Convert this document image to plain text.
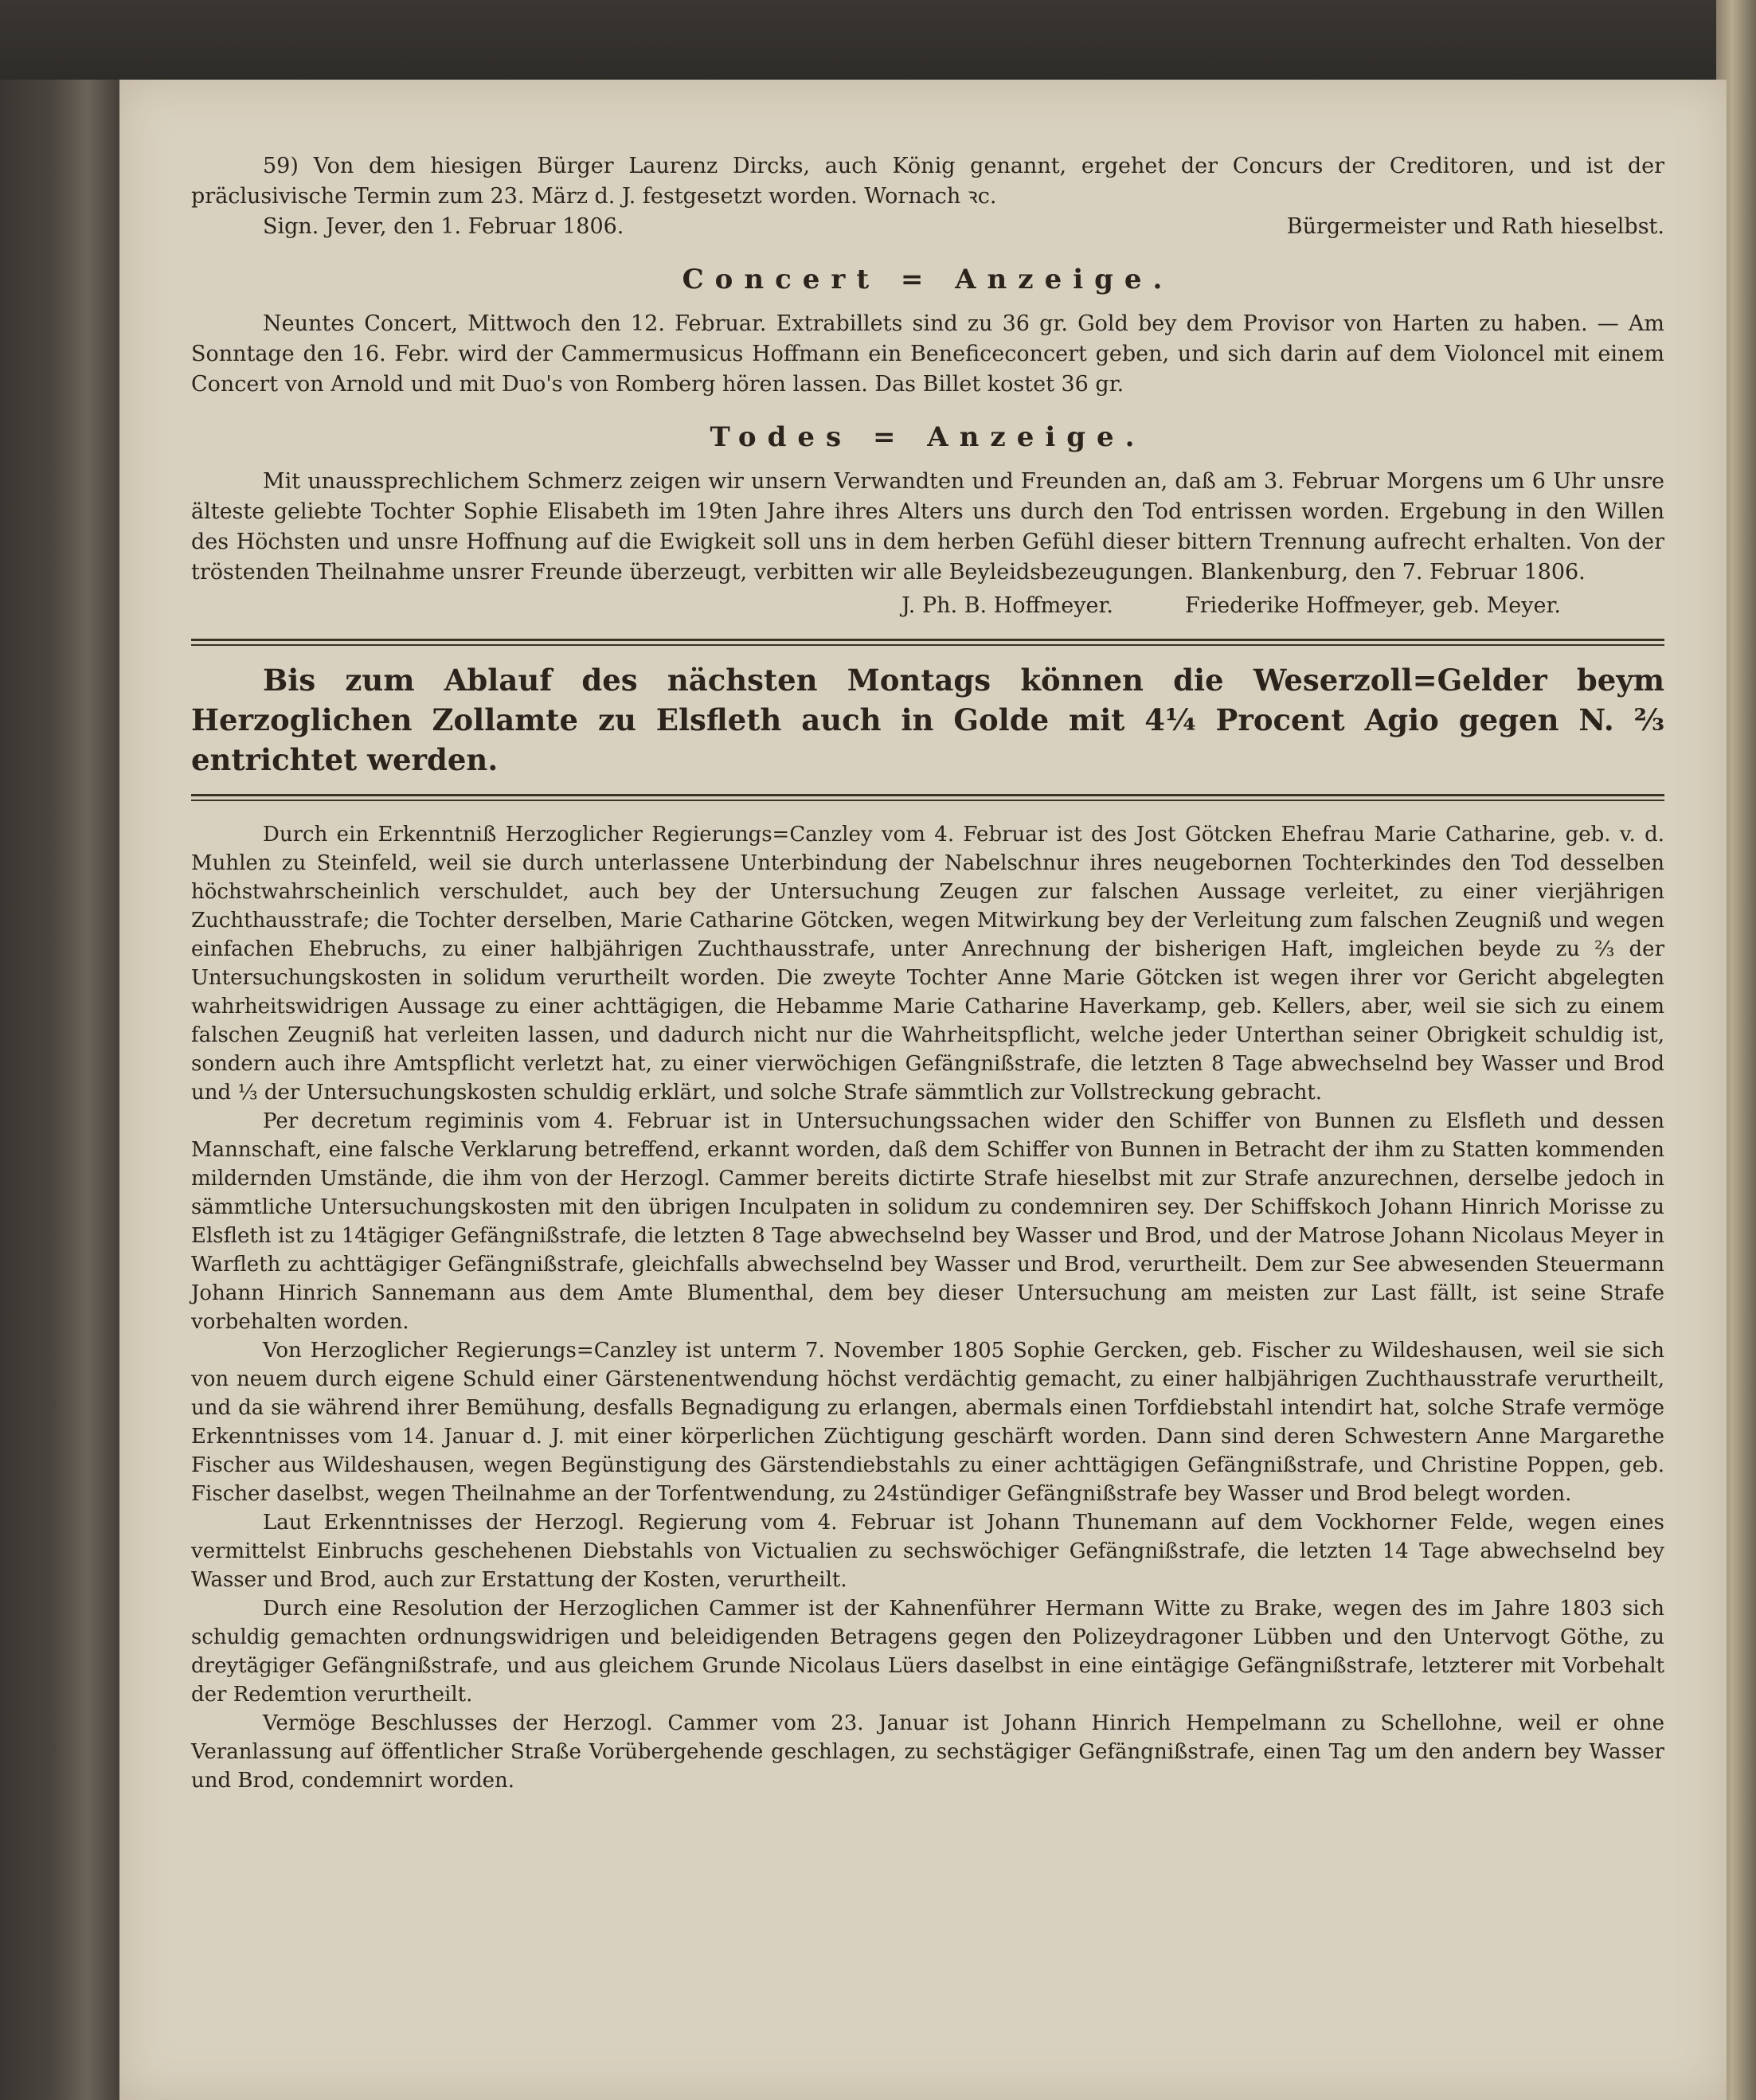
59) Von dem hiesigen Bürger Laurenz Dircks, auch König genannt, ergehet der Concurs der Creditoren, und ist der präclusivische Termin zum 23. März d. J. festgesetzt worden. Wornach ꝛc.

Sign. Jever, den 1. Februar 1806.	Bürgermeister und Rath hieselbst.
Concert = Anzeige.

Neuntes Concert, Mittwoch den 12. Februar. Extrabillets sind zu 36 gr. Gold bey dem Provisor von Harten zu haben. — Am Sonntage den 16. Febr. wird der Cammermusicus Hoffmann ein Beneficeconcert geben, und sich darin auf dem Violoncel mit einem Concert von Arnold und mit Duo's von Romberg hören lassen. Das Billet kostet 36 gr.

Todes = Anzeige.

Mit unaussprechlichem Schmerz zeigen wir unsern Verwandten und Freunden an, daß am 3. Februar Morgens um 6 Uhr unsre älteste geliebte Tochter Sophie Elisabeth im 19ten Jahre ihres Alters uns durch den Tod entrissen worden. Ergebung in den Willen des Höchsten und unsre Hoffnung auf die Ewigkeit soll uns in dem herben Gefühl dieser bittern Trennung aufrecht erhalten. Von der tröstenden Theilnahme unsrer Freunde überzeugt, verbitten wir alle Beyleidsbezeugungen. Blankenburg, den 7. Februar 1806.

J. Ph. B. Hoffmeyer.	Friederike Hoffmeyer, geb. Meyer.

Bis zum Ablauf des nächsten Montags können die Weserzoll=Gelder beym Herzoglichen Zollamte zu Elsfleth auch in Golde mit 4¼ Procent Agio gegen N. ⅔ entrichtet werden.

Durch ein Erkenntniß Herzoglicher Regierungs=Canzley vom 4. Februar ist des Jost Götcken Ehefrau Marie Catharine, geb. v. d. Muhlen zu Steinfeld, weil sie durch unterlassene Unterbindung der Nabelschnur ihres neugebornen Tochterkindes den Tod desselben höchstwahrscheinlich verschuldet, auch bey der Untersuchung Zeugen zur falschen Aussage verleitet, zu einer vierjährigen Zuchthausstrafe; die Tochter derselben, Marie Catharine Götcken, wegen Mitwirkung bey der Verleitung zum falschen Zeugniß und wegen einfachen Ehebruchs, zu einer halbjährigen Zuchthausstrafe, unter Anrechnung der bisherigen Haft, imgleichen beyde zu ⅔ der Untersuchungskosten in solidum verurtheilt worden. Die zweyte Tochter Anne Marie Götcken ist wegen ihrer vor Gericht abgelegten wahrheitswidrigen Aussage zu einer achttägigen, die Hebamme Marie Catharine Haverkamp, geb. Kellers, aber, weil sie sich zu einem falschen Zeugniß hat verleiten lassen, und dadurch nicht nur die Wahrheitspflicht, welche jeder Unterthan seiner Obrigkeit schuldig ist, sondern auch ihre Amtspflicht verletzt hat, zu einer vierwöchigen Gefängnißstrafe, die letzten 8 Tage abwechselnd bey Wasser und Brod und ⅓ der Untersuchungskosten schuldig erklärt, und solche Strafe sämmtlich zur Vollstreckung gebracht.

Per decretum regiminis vom 4. Februar ist in Untersuchungssachen wider den Schiffer von Bunnen zu Elsfleth und dessen Mannschaft, eine falsche Verklarung betreffend, erkannt worden, daß dem Schiffer von Bunnen in Betracht der ihm zu Statten kommenden mildernden Umstände, die ihm von der Herzogl. Cammer bereits dictirte Strafe hieselbst mit zur Strafe anzurechnen, derselbe jedoch in sämmtliche Untersuchungskosten mit den übrigen Inculpaten in solidum zu condemniren sey. Der Schiffskoch Johann Hinrich Morisse zu Elsfleth ist zu 14tägiger Gefängnißstrafe, die letzten 8 Tage abwechselnd bey Wasser und Brod, und der Matrose Johann Nicolaus Meyer in Warfleth zu achttägiger Gefängnißstrafe, gleichfalls abwechselnd bey Wasser und Brod, verurtheilt. Dem zur See abwesenden Steuermann Johann Hinrich Sannemann aus dem Amte Blumenthal, dem bey dieser Untersuchung am meisten zur Last fällt, ist seine Strafe vorbehalten worden.

Von Herzoglicher Regierungs=Canzley ist unterm 7. November 1805 Sophie Gercken, geb. Fischer zu Wildeshausen, weil sie sich von neuem durch eigene Schuld einer Gärstenentwendung höchst verdächtig gemacht, zu einer halbjährigen Zuchthausstrafe verurtheilt, und da sie während ihrer Bemühung, desfalls Begnadigung zu erlangen, abermals einen Torfdiebstahl intendirt hat, solche Strafe vermöge Erkenntnisses vom 14. Januar d. J. mit einer körperlichen Züchtigung geschärft worden. Dann sind deren Schwestern Anne Margarethe Fischer aus Wildeshausen, wegen Begünstigung des Gärstendiebstahls zu einer achttägigen Gefängnißstrafe, und Christine Poppen, geb. Fischer daselbst, wegen Theilnahme an der Torfentwendung, zu 24stündiger Gefängnißstrafe bey Wasser und Brod belegt worden.

Laut Erkenntnisses der Herzogl. Regierung vom 4. Februar ist Johann Thunemann auf dem Vockhorner Felde, wegen eines vermittelst Einbruchs geschehenen Diebstahls von Victualien zu sechswöchiger Gefängnißstrafe, die letzten 14 Tage abwechselnd bey Wasser und Brod, auch zur Erstattung der Kosten, verurtheilt.

Durch eine Resolution der Herzoglichen Cammer ist der Kahnenführer Hermann Witte zu Brake, wegen des im Jahre 1803 sich schuldig gemachten ordnungswidrigen und beleidigenden Betragens gegen den Polizeydragoner Lübben und den Untervogt Göthe, zu dreytägiger Gefängnißstrafe, und aus gleichem Grunde Nicolaus Lüers daselbst in eine eintägige Gefängnißstrafe, letzterer mit Vorbehalt der Redemtion verurtheilt.

Vermöge Beschlusses der Herzogl. Cammer vom 23. Januar ist Johann Hinrich Hempelmann zu Schellohne, weil er ohne Veranlassung auf öffentlicher Straße Vorübergehende geschlagen, zu sechstägiger Gefängnißstrafe, einen Tag um den andern bey Wasser und Brod, condemnirt worden.
